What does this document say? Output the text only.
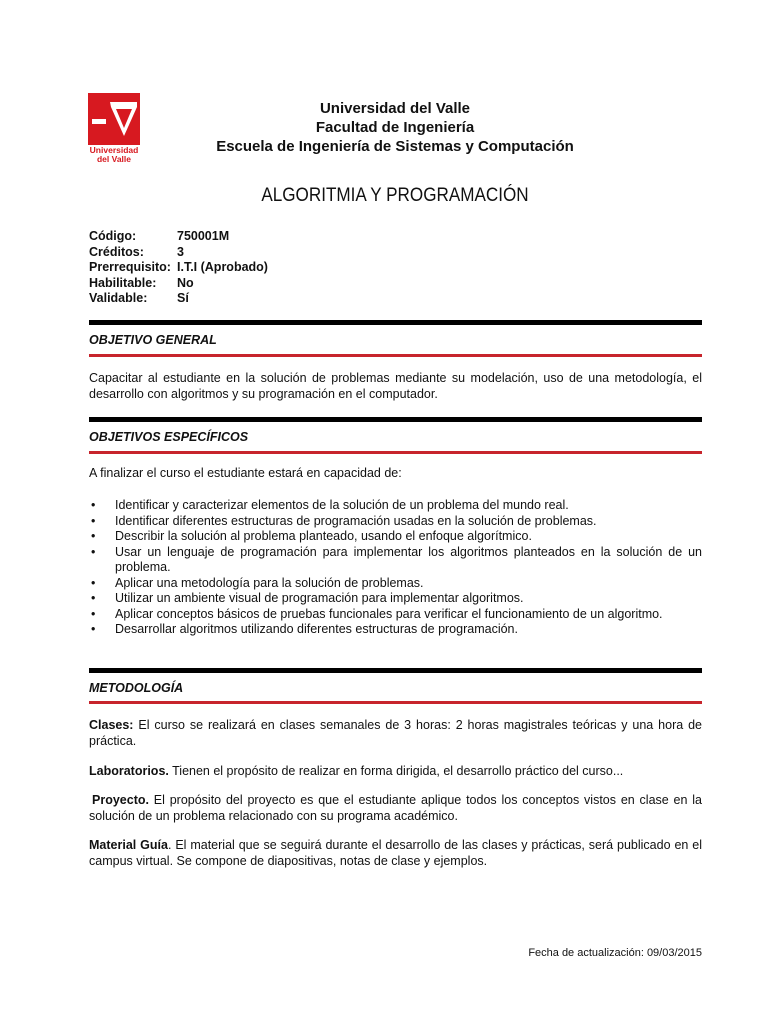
Universidad
del Valle
Universidad del Valle
Facultad de Ingeniería
Escuela de Ingeniería de Sistemas y Computación
ALGORITMIA Y PROGRAMACIÓN
Código:	750001M
Créditos:	3
Prerrequisito: I.T.I (Aprobado)
Habilitable: No
Validable: Sí
OBJETIVO GENERAL

Capacitar al estudiante en la solución de problemas mediante su modelación, uso de una metodología, el desarrollo con algoritmos y su programación en el computador.

OBJETIVOS ESPECÍFICOS

A finalizar el curso el estudiante estará en capacidad de:

• Identificar y caracterizar elementos de la solución de un problema del mundo real.
• Identificar diferentes estructuras de programación usadas en la solución de problemas.
• Describir la solución al problema planteado, usando el enfoque algorítmico.
• Usar un lenguaje de programación para implementar los algoritmos planteados en la solución de un problema.
• Aplicar una metodología para la solución de problemas.
• Utilizar un ambiente visual de programación para implementar algoritmos.
• Aplicar conceptos básicos de pruebas funcionales para verificar el funcionamiento de un algoritmo.
• Desarrollar algoritmos utilizando diferentes estructuras de programación.
METODOLOGÍA

Clases: El curso se realizará en clases semanales de 3 horas: 2 horas magistrales teóricas y una hora de práctica.

Laboratorios. Tienen el propósito de realizar en forma dirigida, el desarrollo práctico del curso...

Proyecto. El propósito del proyecto es que el estudiante aplique todos los conceptos vistos en clase en la solución de un problema relacionado con su programa académico.

Material Guía. El material que se seguirá durante el desarrollo de las clases y prácticas, será publicado en el campus virtual. Se compone de diapositivas, notas de clase y ejemplos.

Fecha de actualización: 09/03/2015
